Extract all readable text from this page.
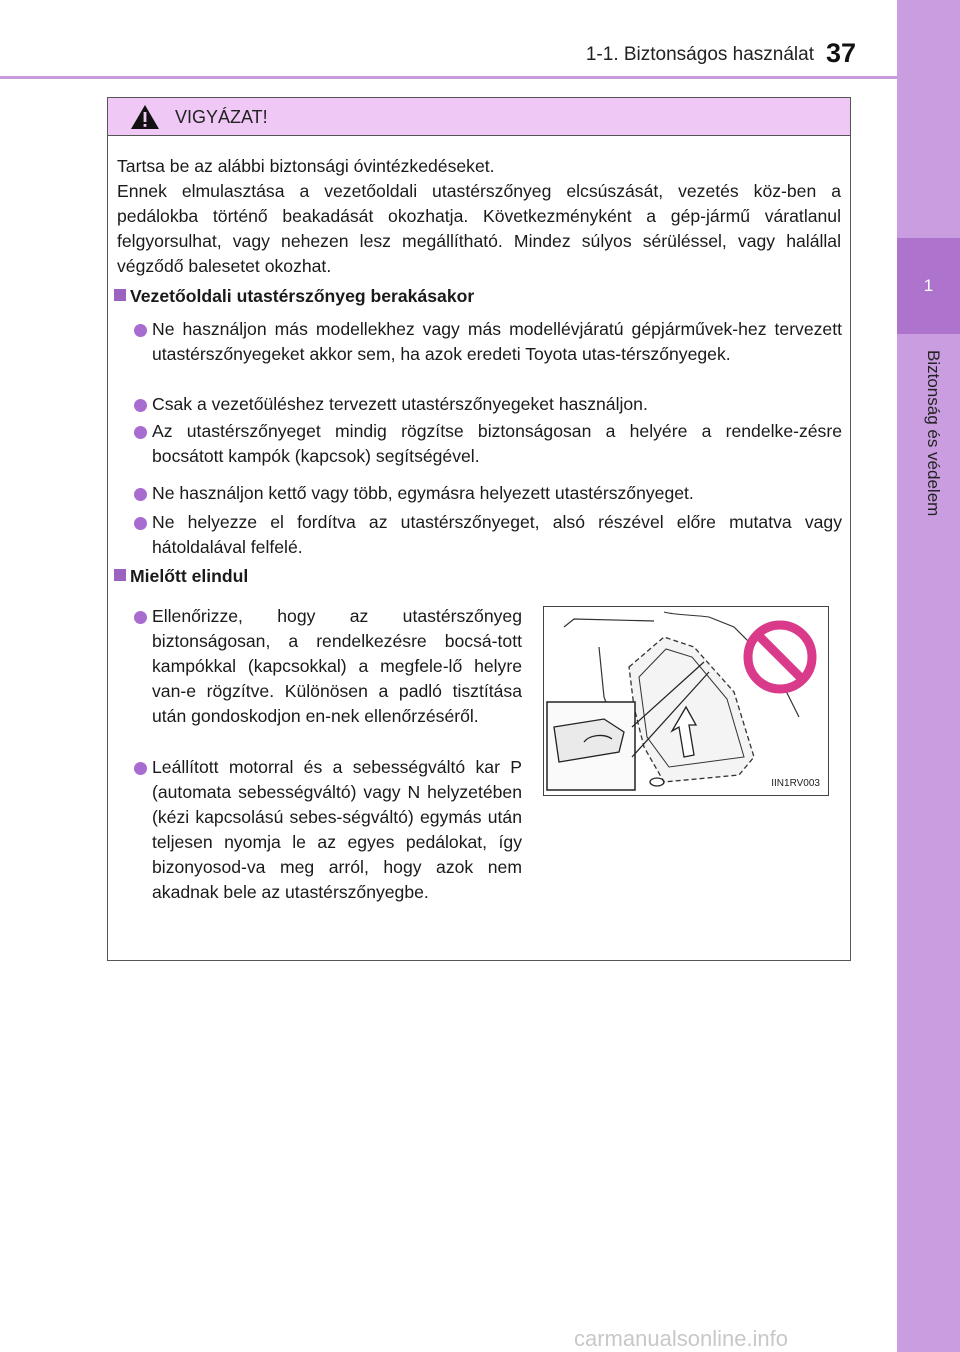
1-1. Biztonságos használat 37
1
Biztonság és védelem
VIGYÁZAT!
Tartsa be az alábbi biztonsági óvintézkedéseket.
Ennek elmulasztása a vezetőoldali utastérszőnyeg elcsúszását, vezetés köz-ben a pedálokba történő beakadását okozhatja. Következményként a gép-jármű váratlanul felgyorsulhat, vagy nehezen lesz megállítható. Mindez súlyos sérüléssel, vagy halállal végződő balesetet okozhat.
Vezetőoldali utastérszőnyeg berakásakor
Ne használjon más modellekhez vagy más modellévjáratú gépjárművek-hez tervezett utastérszőnyegeket akkor sem, ha azok eredeti Toyota utas-térszőnyegek.
Csak a vezetőüléshez tervezett utastérszőnyegeket használjon.
Az utastérszőnyeget mindig rögzítse biztonságosan a helyére a rendelke-zésre bocsátott kampók (kapcsok) segítségével.
Ne használjon kettő vagy több, egymásra helyezett utastérszőnyeget.
Ne helyezze el fordítva az utastérszőnyeget, alsó részével előre mutatva vagy hátoldalával felfelé.
Mielőtt elindul
Ellenőrizze, hogy az utastérszőnyeg biztonságosan, a rendelkezésre bocsá-tott kampókkal (kapcsokkal) a megfele-lő helyre van-e rögzítve. Különösen a padló tisztítása után gondoskodjon en-nek ellenőrzéséről.
Leállított motorral és a sebességváltó kar P (automata sebességváltó) vagy N helyzetében (kézi kapcsolású sebes-ségváltó) egymás után teljesen nyomja le az egyes pedálokat, így bizonyosod-va meg arról, hogy azok nem akadnak bele az utastérszőnyegbe.
IIN1RV003
carmanualsonline.info
